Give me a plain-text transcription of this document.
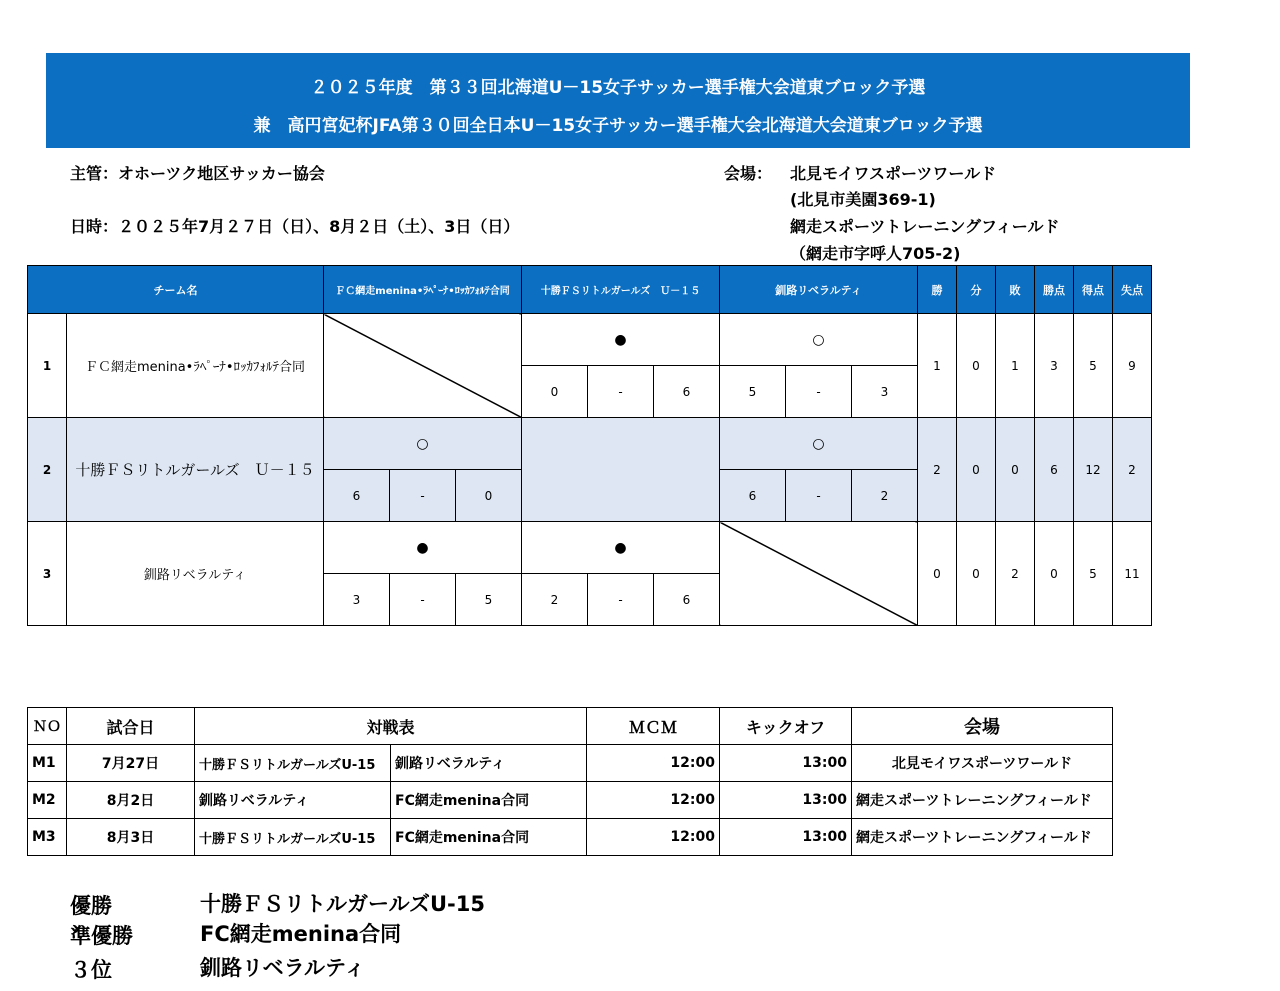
２０２５年度　第３３回北海道U－15女子サッカー選手権大会道東ブロック予選
兼　高円宮妃杯JFA第３０回全日本U－15女子サッカー選手権大会北海道大会道東ブロック予選
主管：オホーツク地区サッカー協会
日時：２０２５年7月２７日（日）、8月２日（土）、3日（日）
会場： 北見モイワスポーツワールド
(北見市美園369-1)
網走スポーツトレーニングフィールド
（網走市字呼人705-2)
チーム名		ＦＣ網走menina•ﾗﾍﾟｰﾅ•ﾛｯｶﾌｫﾙﾃ合同			十勝ＦＳリトルガールズ　Ｕ－１５			釧路リベラルティ			勝	分	敗	勝点	得点	失点
1	ＦＣ網走menina•ﾗﾍﾟｰﾅ•ﾛｯｶﾌｫﾙﾃ合同				●			○			1	0	1	3	5	9
					0	-	6	5	-	3						
2	十勝ＦＳリトルガールズ　Ｕ－１５	○						○			2	0	0	6	12	2
		6	-	0				6	-	2						
3	釧路リベラルティ	●			●						0	0	2	0	5	11
		3	-	5	2	-	6									
ＮＯ	試合日	対戦表		ＭＣＭ	キックオフ	会場
M1	7月27日	十勝ＦＳリトルガールズU-15	釧路リベラルティ	12:00	13:00	北見モイワスポーツワールド
M2	8月2日	釧路リベラルティ	FC網走menina合同	12:00	13:00	網走スポーツトレーニングフィールド
M3	8月3日	十勝ＦＳリトルガールズU-15	FC網走menina合同	12:00	13:00	網走スポーツトレーニングフィールド
優勝	十勝ＦＳリトルガールズU-15
準優勝	FC網走menina合同
３位	釧路リベラルティ
